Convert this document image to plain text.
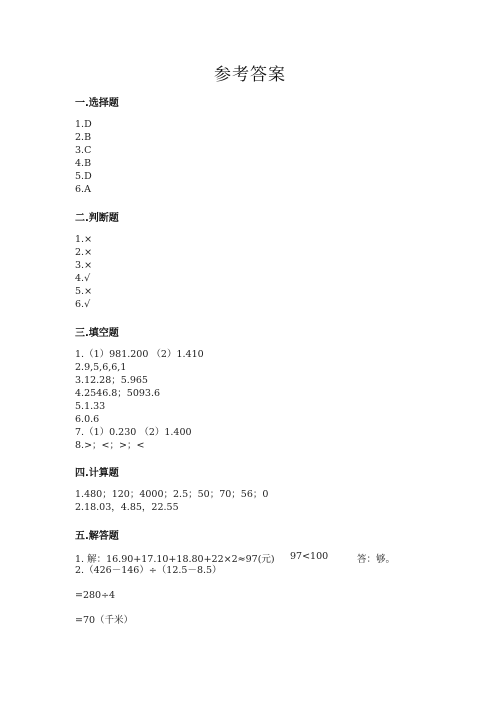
参考答案
一.选择题
1.D
2.B
3.C
4.B
5.D
6.A
二.判断题
1.×
2.×
3.×
4.√
5.×
6.√
三.填空题
1.（1）981.200 （2）1.410
2.9,5,6,6,1
3.12.28；5.965
4.2546.8；5093.6
5.1.33
6.0.6
7.（1）0.230 （2）1.400
8.>；<；>；<
四.计算题
1.480；120；4000；2.5；50；70；56；0
2.18.03，4.85，22.55
五.解答题
1. 解：16.90+17.10+18.80+22×2≈97(元) 97<100	答：够。
2.（426－146）÷（12.5－8.5）
=280÷4
=70（千米）
